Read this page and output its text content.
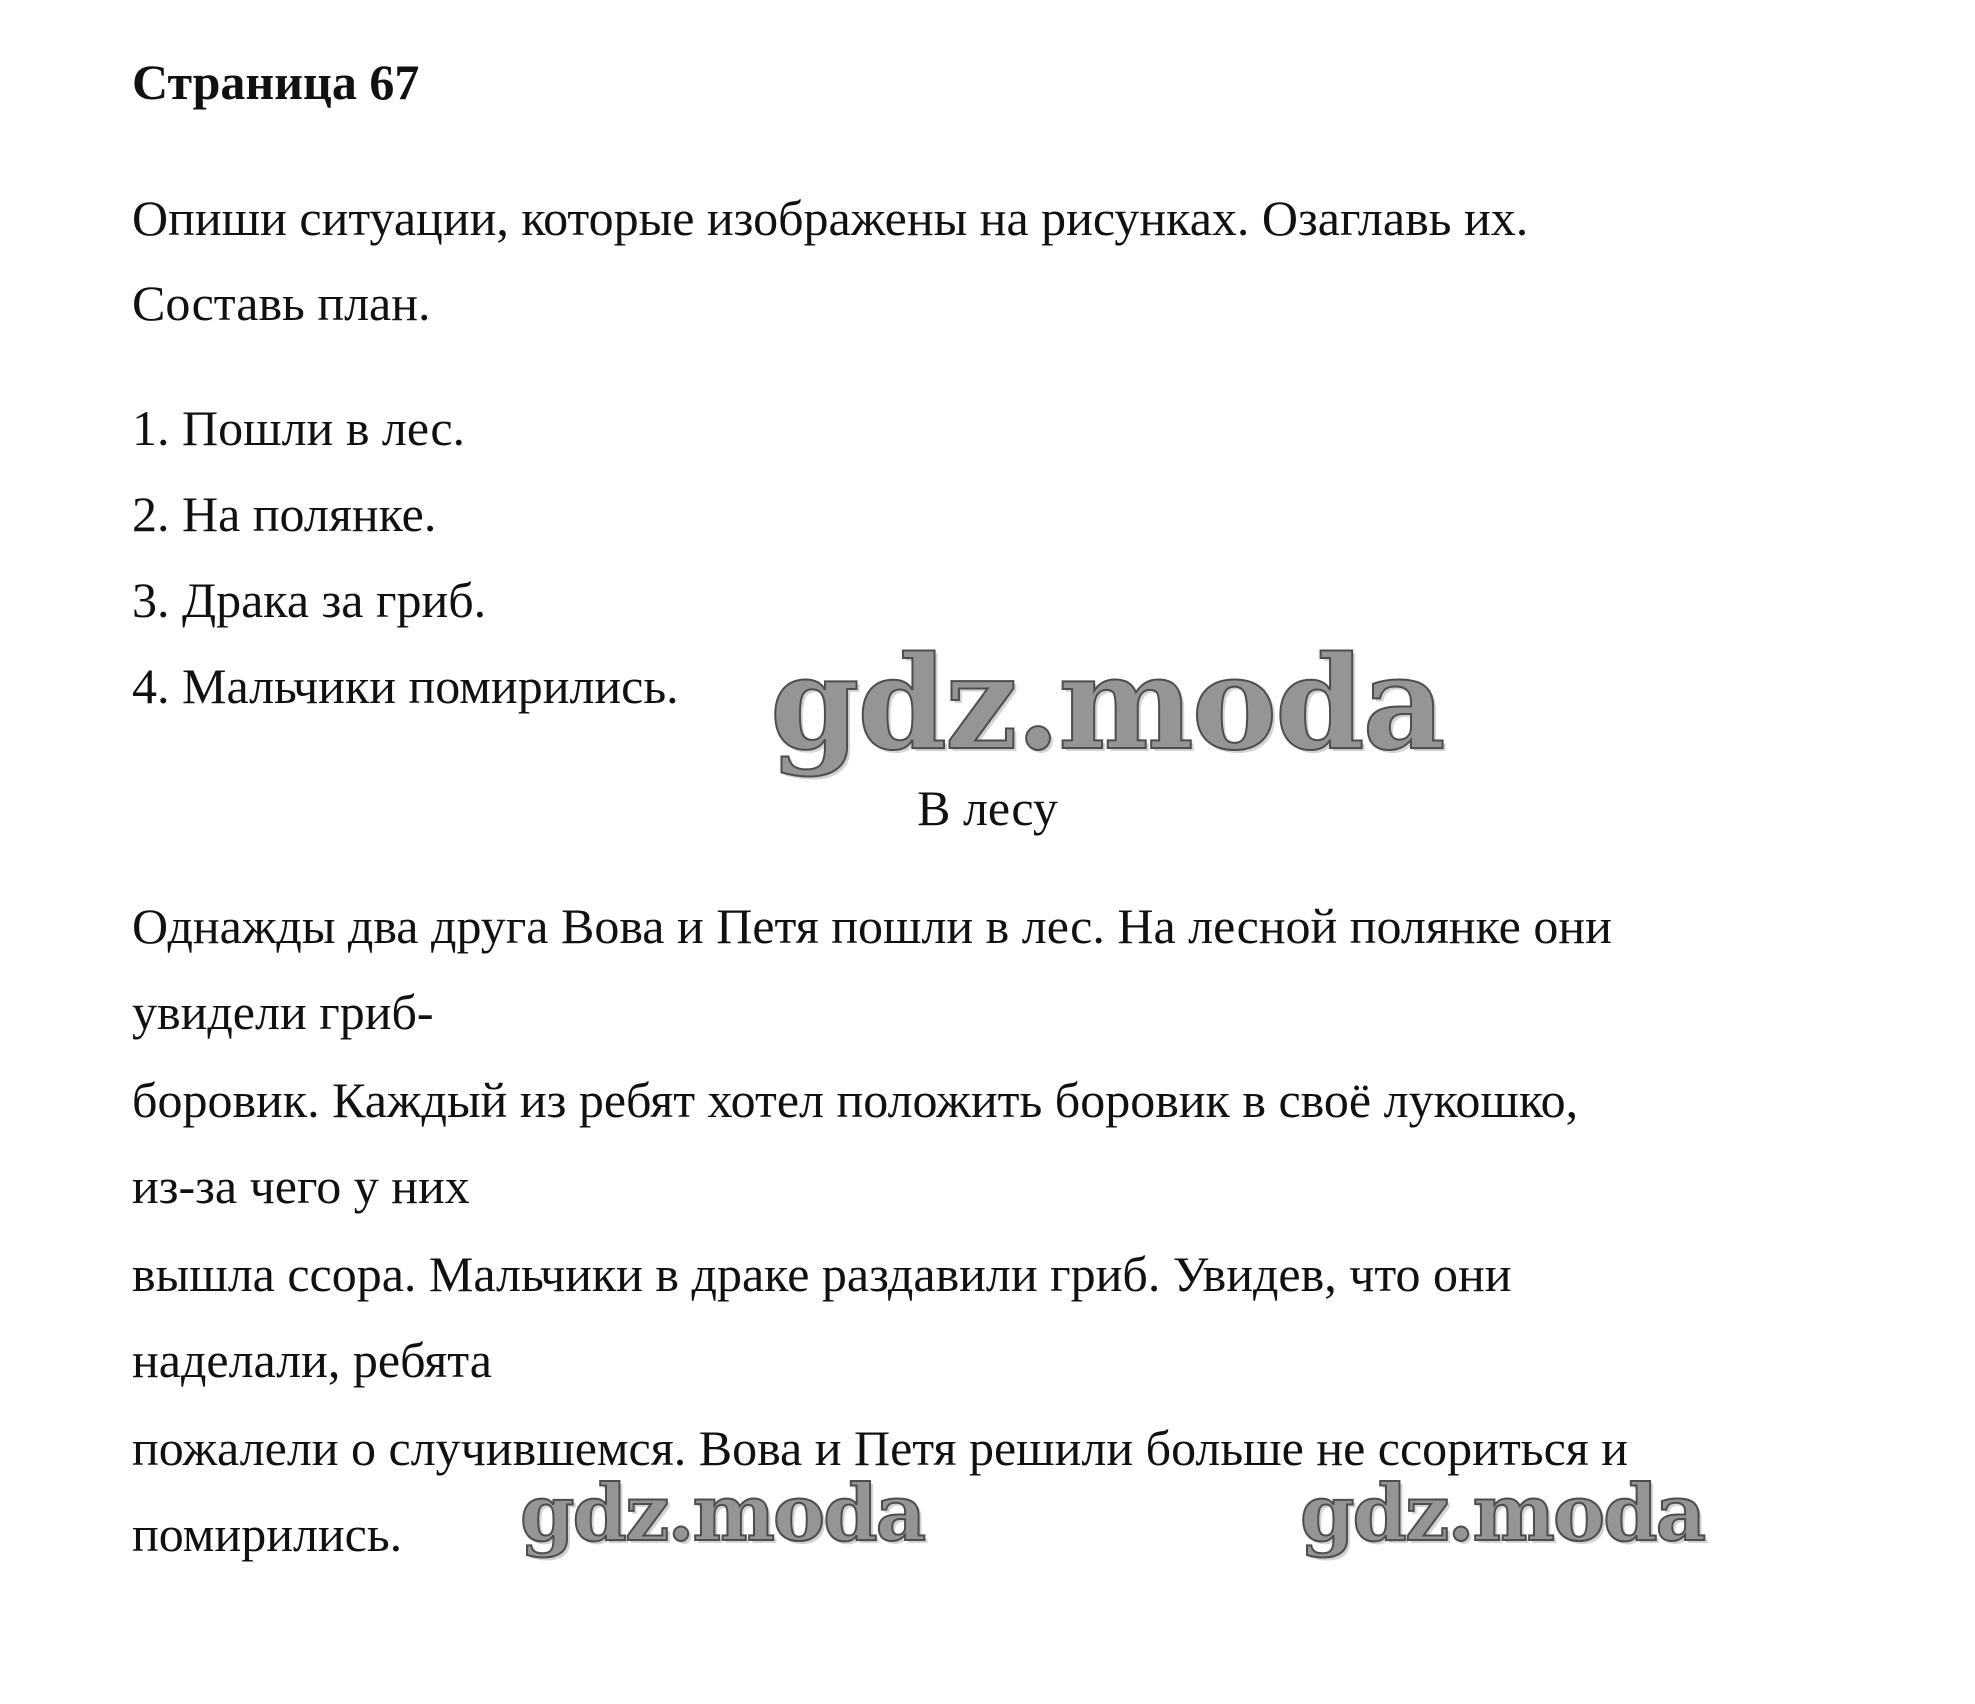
Страница 67

Опиши ситуации, которые изображены на рисунках. Озаглавь их.

Составь план.

1. Пошли в лес.

2. На полянке.

3. Драка за гриб.

4. Мальчики помирились. gdz.moda

В лесу

Однажды два друга Вова и Петя пошли в лес. На лесной полянке они

увидели гриб-

боровик. Каждый из ребят хотел положить боровик в своё лукошко,

из-за чего у них

вышла ссора. Мальчики в драке раздавили гриб. Увидев, что они

наделали, ребята

пожалели о случившемся. Вова и Петя решили больше не ссориться и

помирились. gdz.moda	gdz.moda
